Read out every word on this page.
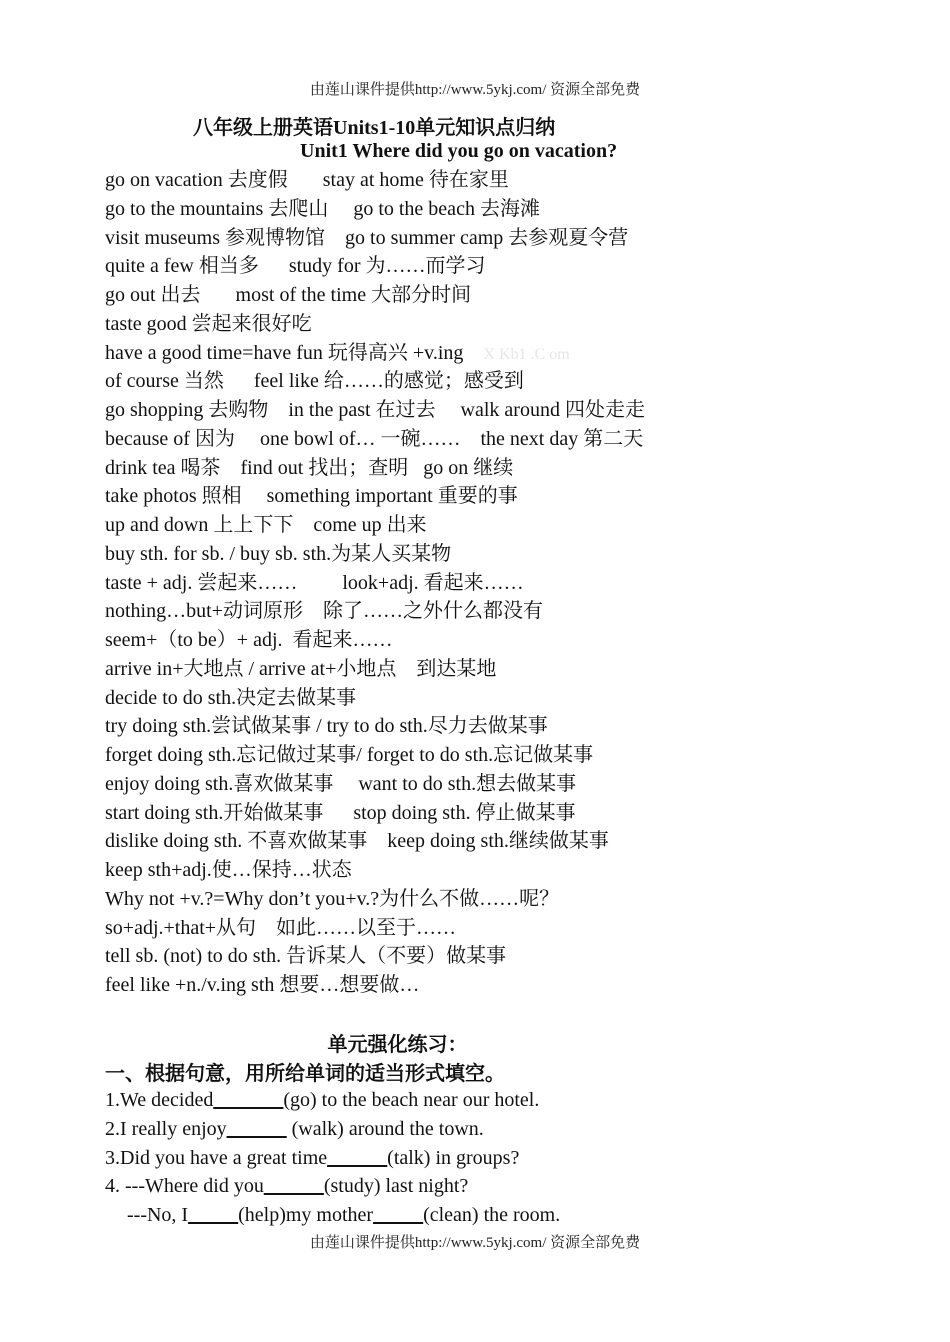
由莲山课件提供http://www.5ykj.com/ 资源全部免费
八年级上册英语Units1-10单元知识点归纳
Unit1 Where did you go on vacation?
go on vacation 去度假       stay at home 待在家里
go to the mountains 去爬山     go to the beach 去海滩
visit museums 参观博物馆    go to summer camp 去参观夏令营
quite a few 相当多      study for 为……而学习
go out 出去       most of the time 大部分时间
taste good 尝起来很好吃
have a good time=have fun 玩得高兴 +v.ing X Kb1 .C om
of course 当然      feel like 给……的感觉；感受到
go shopping 去购物    in the past 在过去     walk around 四处走走
because of 因为     one bowl of… 一碗……    the next day 第二天
drink tea 喝茶    find out 找出；查明   go on 继续
take photos 照相     something important 重要的事
up and down 上上下下    come up 出来
buy sth. for sb. / buy sb. sth.为某人买某物
taste + adj. 尝起来……         look+adj. 看起来……
nothing…but+动词原形    除了……之外什么都没有
seem+（to be）+ adj.  看起来……
arrive in+大地点 / arrive at+小地点    到达某地
decide to do sth.决定去做某事
try doing sth.尝试做某事 / try to do sth.尽力去做某事
forget doing sth.忘记做过某事/ forget to do sth.忘记做某事
enjoy doing sth.喜欢做某事     want to do sth.想去做某事
start doing sth.开始做某事      stop doing sth. 停止做某事
dislike doing sth. 不喜欢做某事    keep doing sth.继续做某事
keep sth+adj.使…保持…状态
Why not +v.?=Why don’t you+v.?为什么不做……呢？
so+adj.+that+从句    如此……以至于……
tell sb. (not) to do sth. 告诉某人（不要）做某事
feel like +n./v.ing sth 想要…想要做…
单元强化练习：
一、根据句意，用所给单词的适当形式填空。
1.We decided_______(go) to the beach near our hotel.
2.I really enjoy______ (walk) around the town.
3.Did you have a great time______(talk) in groups?
4. ---Where did you______(study) last night?
---No, I_____(help)my mother_____(clean) the room.
由莲山课件提供http://www.5ykj.com/ 资源全部免费
